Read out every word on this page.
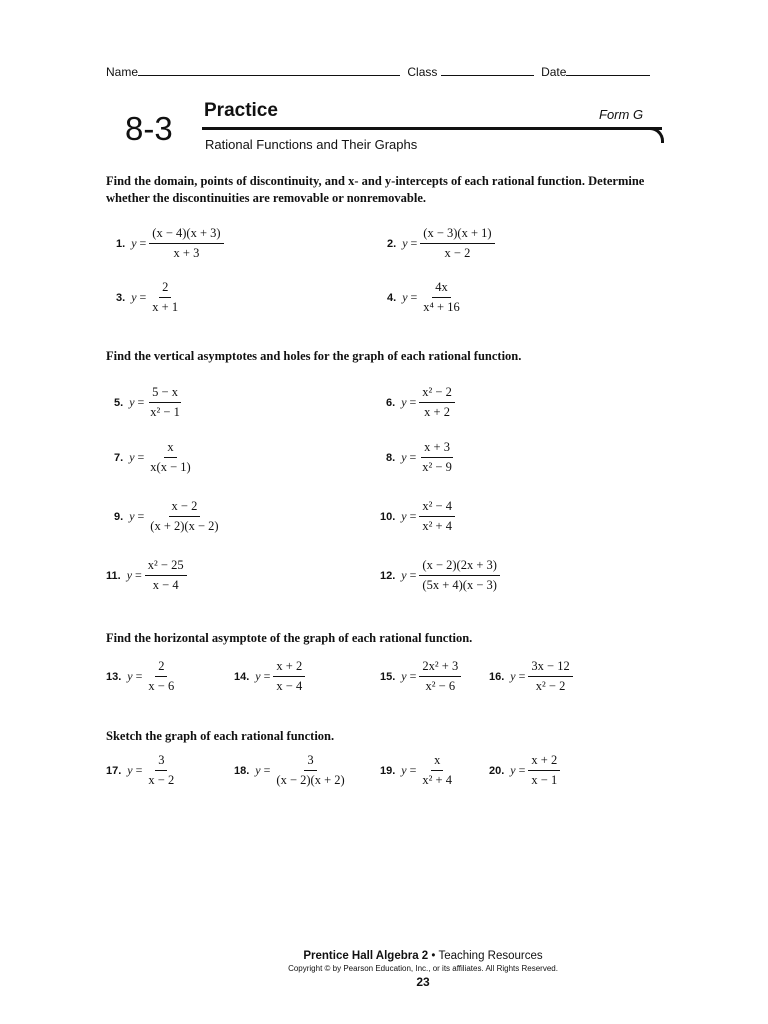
Name	Class	Date
8-3 Practice	Form G
Rational Functions and Their Graphs
Find the domain, points of discontinuity, and x- and y-intercepts of each rational function. Determine whether the discontinuities are removable or nonremovable.
1. $y = \frac{(x - 4)(x + 3)}{x + 3}$	2. $y = \frac{(x - 3)(x + 1)}{x - 2}$
3. $y = \frac{2}{x + 1}$	4. $y = \frac{4x}{\text{x⁴ + 16}}$
Find the vertical asymptotes and holes for the graph of each rational function.
5. $y = \frac{5 - x}{\text{x² − 1}}$	6. $y = \frac{\text{x² − 2}}{x + 2}$
7. $y = \frac{x}{x(x - 1)}$	8. $y = \frac{x + 3}{\text{x² − 9}}$
9. $y = \frac{x - 2}{(x + 2)(x - 2)}$	10. $y = \frac{\text{x² − 4}}{\text{x² + 4}}$
11. $y = \frac{\text{x² − 25}}{x - 4}$	12. $y = \frac{(x - 2)(2x + 3)}{(5x + 4)(x - 3)}$
Find the horizontal asymptote of the graph of each rational function.
13. $y = \frac{2}{x - 6}$	14. $y = \frac{x + 2}{x - 4}$	15. $y = \frac{\text{2x² + 3}}{\text{x² − 6}}$	16. $y = \frac{3x - 12}{\text{x² − 2}}$
Sketch the graph of each rational function.
17. $y = \frac{3}{x - 2}$	18. $y = \frac{3}{(x - 2)(x + 2)}$	19. $y = \frac{x}{\text{x² + 4}}$	20. $y = \frac{x + 2}{x - 1}$
Prentice Hall Algebra 2 • Teaching Resources
Copyright © by Pearson Education, Inc., or its affiliates. All Rights Reserved.
23
